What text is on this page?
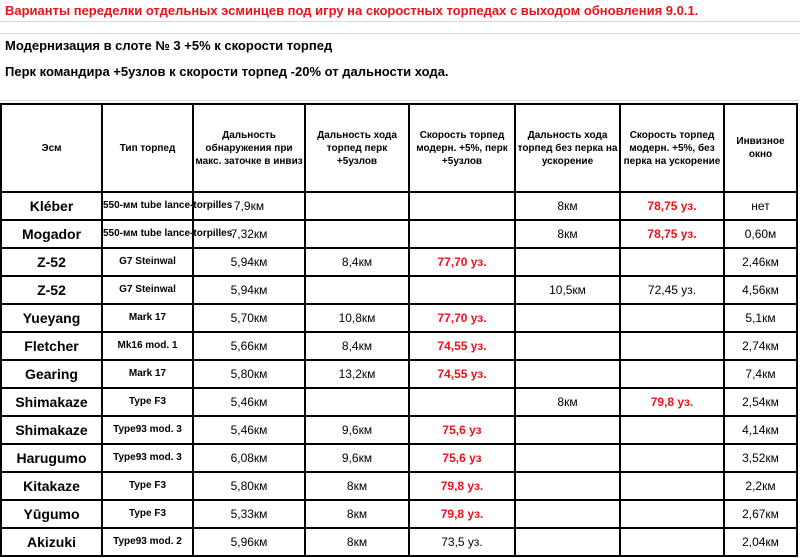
Варианты переделки отдельных эсминцев под игру на скоростных торпедах с выходом обновления 9.0.1.
Модернизация в слоте № 3 +5% к скорости торпед
Перк командира +5узлов к скорости торпед -20% от дальности хода.
Эсм	Тип торпед	Дальность обнаружения при макс. заточке в инвиз	Дальность хода торпед перк +5узлов	Скорость торпед модерн. +5%, перк +5узлов	Дальность хода торпед без перка на ускорение	Скорость торпед модерн. +5%, без перка на ускорение	Инвизное окно
Kléber	550-мм tube lance-torpilles	7,9км			8км	78,75 уз.	нет
Mogador	550-мм tube lance-torpilles	7,32км			8км	78,75 уз.	0,60м
Z-52	G7 Steinwal	5,94км	8,4км	77,70 уз.			2,46км
Z-52	G7 Steinwal	5,94км			10,5км	72,45 уз.	4,56км
Yueyang	Mark 17	5,70км	10,8км	77,70 уз.			5,1км
Fletcher	Mk16 mod. 1	5,66км	8,4км	74,55 уз.			2,74км
Gearing	Mark 17	5,80км	13,2км	74,55 уз.			7,4км
Shimakaze	Type F3	5,46км			8км	79,8 уз.	2,54км
Shimakaze	Type93 mod. 3	5,46км	9,6км	75,6 уз			4,14км
Harugumo	Type93 mod. 3	6,08км	9,6км	75,6 уз			3,52км
Kitakaze	Type F3	5,80км	8км	79,8 уз.			2,2км
Yūgumo	Type F3	5,33км	8км	79,8 уз.			2,67км
Akizuki	Type93 mod. 2	5,96км	8км	73,5 уз.			2,04км
